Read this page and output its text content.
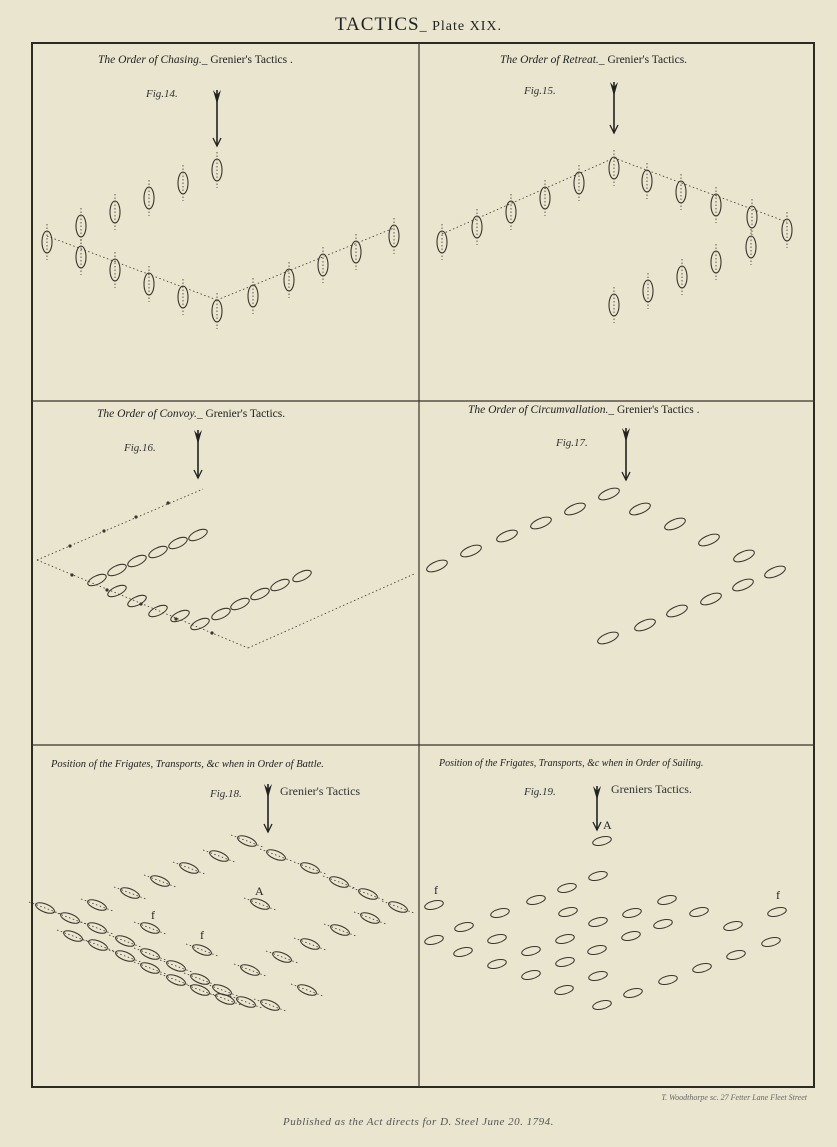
TACTICS_ Plate XIX.
The Order of Chasing._ Grenier's Tactics .
Fig.14.
The Order of Retreat._ Grenier's Tactics.
Fig.15.
The Order of Convoy._ Grenier's Tactics.
Fig.16.
The Order of Circumvallation._ Grenier's Tactics .
Fig.17.
Position of the Frigates, Transports, &c when in Order of Battle.
Fig.18.	Grenier's Tactics
Position of the Frigates, Transports, &c when in Order of Sailing.
Fig.19.	Greniers Tactics.
A
f
f
A
f	f
T. Woodthorpe sc. 27 Fetter Lane Fleet Street
Published as the Act directs for D. Steel June 20. 1794.
